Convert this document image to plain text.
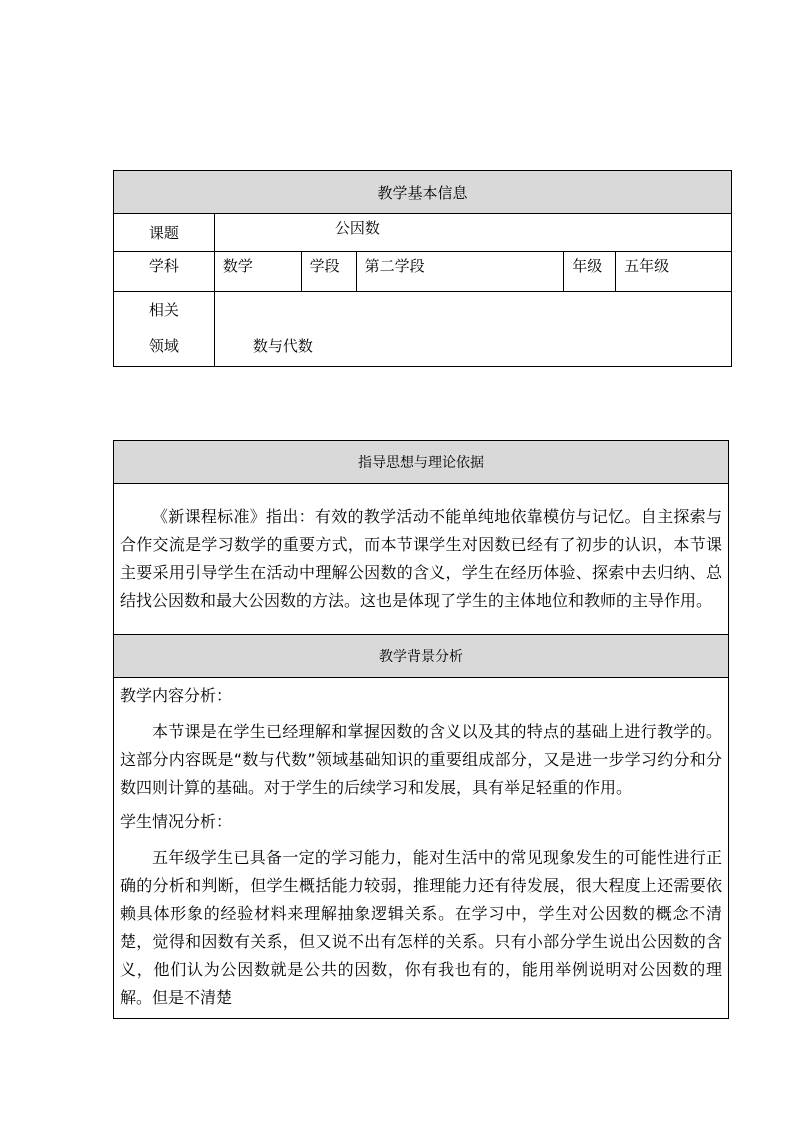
教学基本信息					
课题	公因数				
学科	数学	学段	第二学段	年级	五年级

相关
领域	数与代数				
指导思想与理论依据

《新课程标准》指出：有效的教学活动不能单纯地依靠模仿与记忆。自主探索与合作交流是学习数学的重要方式，而本节课学生对因数已经有了初步的认识，本节课主要采用引导学生在活动中理解公因数的含义，学生在经历体验、探索中去归纳、总结找公因数和最大公因数的方法。这也是体现了学生的主体地位和教师的主导作用。

教学背景分析

教学内容分析：

本节课是在学生已经理解和掌握因数的含义以及其的特点的基础上进行教学的。这部分内容既是“数与代数”领域基础知识的重要组成部分，又是进一步学习约分和分数四则计算的基础。对于学生的后续学习和发展，具有举足轻重的作用。

学生情况分析：

五年级学生已具备一定的学习能力，能对生活中的常见现象发生的可能性进行正确的分析和判断，但学生概括能力较弱，推理能力还有待发展，很大程度上还需要依赖具体形象的经验材料来理解抽象逻辑关系。在学习中，学生对公因数的概念不清楚，觉得和因数有关系，但又说不出有怎样的关系。只有小部分学生说出公因数的含义，他们认为公因数就是公共的因数，你有我也有的，能用举例说明对公因数的理解。但是不清楚
